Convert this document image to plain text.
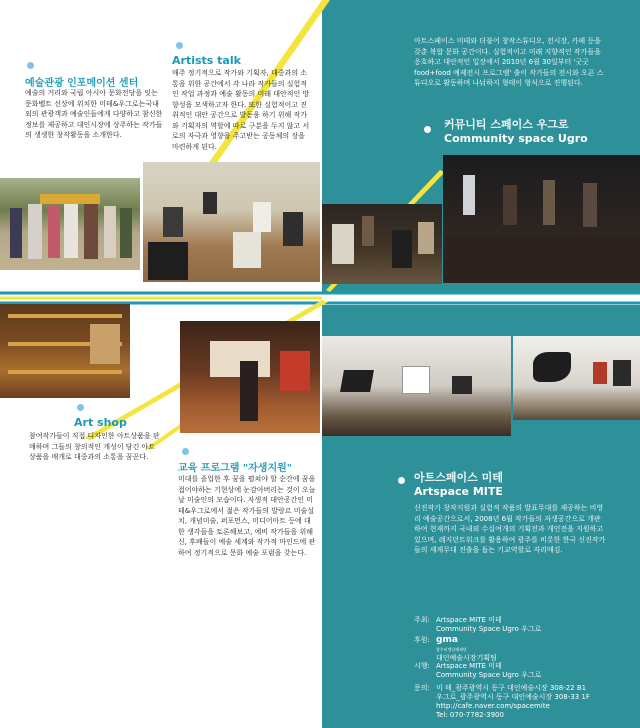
예술관광 인포메이션 센터
예술의 거리와 국립 아시아 문화전당을 잇는 문화벨트 선상에 위치한 미테&우그로는국내외의 관광객과 예술인들에게 다양하고 참신한 정보를 제공하고 대인시장에 상주하는 작가들의 생생한 창작활동을 소개한다.
Artists talk
매주 정기적으로 작가와 기획자, 대중과의 소통을 위한 공간에서 각 나라 작가들의 실험적인 작업 과정과 예술 활동의 미래 대안적인 방향성을 모색하고자 한다. 또한 실험적이고 진취적인 대안 공간으로 발돋움 하기 위해 작가와 기획자의 역할에 따로 구분을 두지 않고 서로의 자극과 영향을 주고받는 공동체의 장을 마련하게 된다.
아트스페이스 미테와 더불어 창작스튜디오, 전시장, 카페 등을 갖춘 복합 문화 공간이다. 실험적이고 미래 지향적인 작가들을 응호하고 대안적인 입장에서 2010년 6월 30일부터 '굿굿 food+food 예제전시 프로그램' 출이 작가들의 전시와 오픈 스튜디오로 활동하며 나눠하지 형태이 형식으로 진행된다.
커뮤니티 스페이스 우그로
Community space Ugro
Art shop
참여작가들이 직접 디자인한 아트상품을 판매하며 그들의 창의적인 개성이 담긴 아트상품을 매개로 대중과의 소통을 꿈꾼다.
교육 프로그램 "자생지원"
미대를 졸업한 후 꿈을 펼쳐야 할 순간에 꿈을 접어야하는 기현상에 눈감아버리는 것이 오늘날 미술인의 모습이다. 자생적 대안공간인 미테&우그로에서 젊은 작가들의 발랑르 미술설치, 개념미술, 퍼포먼스, 미디어아트 등에 대한 생각들을 토론해보고, 예비 작가들을 위해 신, 후배들이 예술 세계와 작가적 마인드에 관하여 정기적으로 문화 예술 포럼을 갖는다.
아트스페이스 미테
Artspace MITE
신진작가 창작지원과 실험적 작품의 발표무대를 제공하는 비영리 예술공간으로서, 2008년 6월 작가들의 자생공간으로 개관하여 현재까지 국내외 수십여개의 기획전과 개인전을 지원하고 있으며, 레지던트워크를 활용하여 광주를 비롯한 한국 신진작가들의 세계무대 진출을 돕는 기교역할로 자리매김.
주최: Artspace MITE 미테
Community Space Ugro 우그로
후원: gma
광주비엔날레재단
대인예술시장기획팀
시행: Artspace MITE 미테
Community Space Ugro 우그로
문의: 미 테_광주광역시 동구 대인예술시장 308-22 B1
우그로_광주광역시 동구 대인예술시장 308-33 1F
http://cafe.naver.com/spacemite
Tel: 070-7782-3900
